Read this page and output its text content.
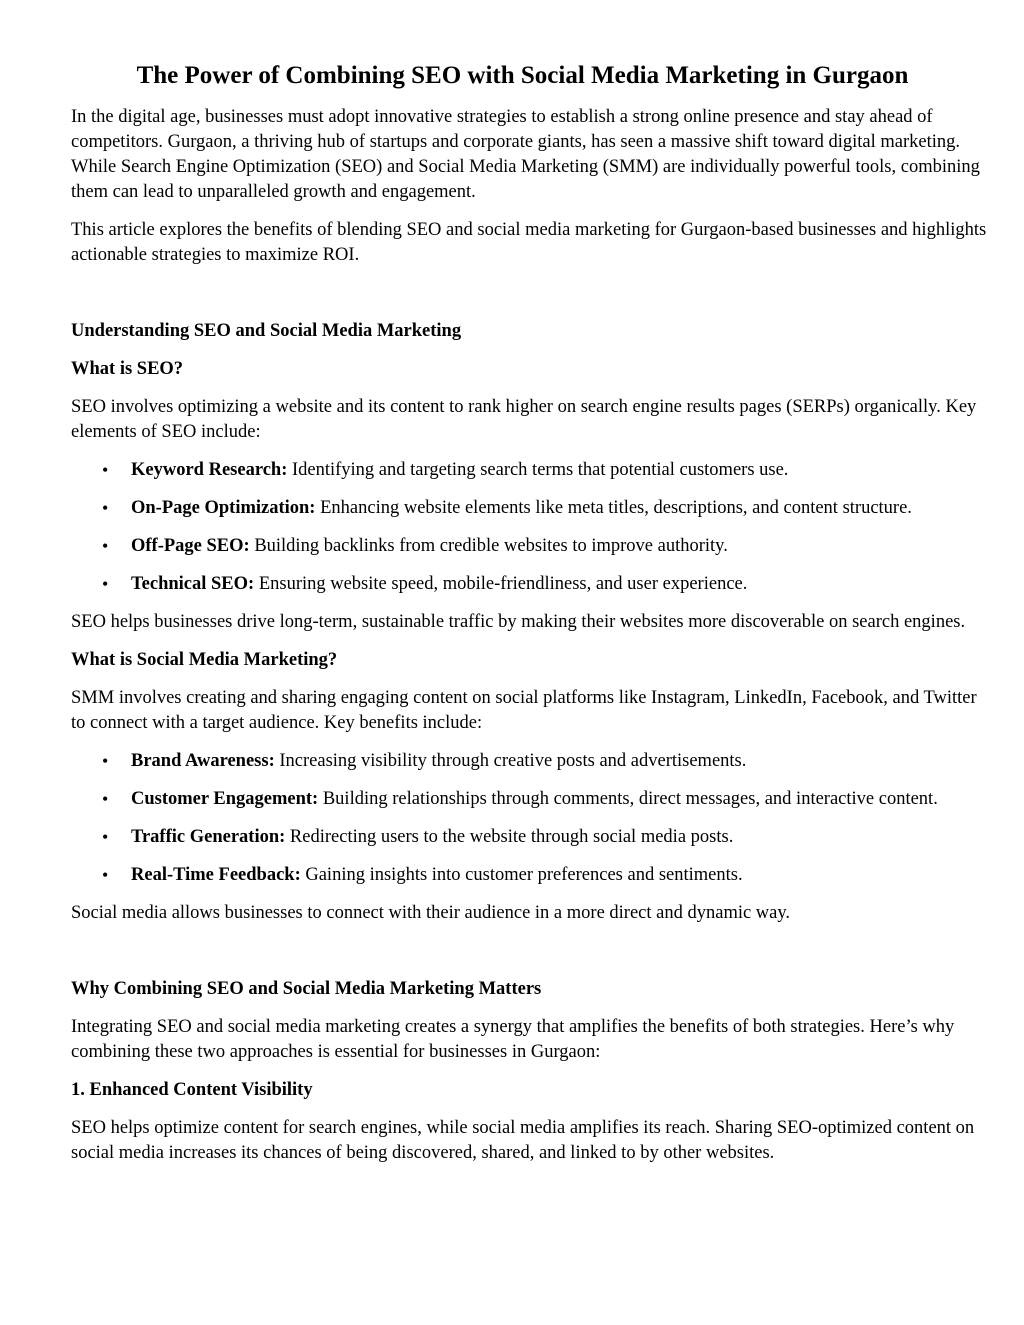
The Power of Combining SEO with Social Media Marketing in Gurgaon

In the digital age, businesses must adopt innovative strategies to establish a strong online presence and stay ahead of competitors. Gurgaon, a thriving hub of startups and corporate giants, has seen a massive shift toward digital marketing. While Search Engine Optimization (SEO) and Social Media Marketing (SMM) are individually powerful tools, combining them can lead to unparalleled growth and engagement.

This article explores the benefits of blending SEO and social media marketing for Gurgaon-based businesses and highlights actionable strategies to maximize ROI.

Understanding SEO and Social Media Marketing
What is SEO?

SEO involves optimizing a website and its content to rank higher on search engine results pages (SERPs) organically. Key elements of SEO include:

• Keyword Research: Identifying and targeting search terms that potential customers use.
• On-Page Optimization: Enhancing website elements like meta titles, descriptions, and content structure.
• Off-Page SEO: Building backlinks from credible websites to improve authority.
• Technical SEO: Ensuring website speed, mobile-friendliness, and user experience.

SEO helps businesses drive long-term, sustainable traffic by making their websites more discoverable on search engines.

What is Social Media Marketing?

SMM involves creating and sharing engaging content on social platforms like Instagram, LinkedIn, Facebook, and Twitter to connect with a target audience. Key benefits include:

• Brand Awareness: Increasing visibility through creative posts and advertisements.
• Customer Engagement: Building relationships through comments, direct messages, and interactive content.
• Traffic Generation: Redirecting users to the website through social media posts.
• Real-Time Feedback: Gaining insights into customer preferences and sentiments.

Social media allows businesses to connect with their audience in a more direct and dynamic way.

Why Combining SEO and Social Media Marketing Matters

Integrating SEO and social media marketing creates a synergy that amplifies the benefits of both strategies. Here’s why combining these two approaches is essential for businesses in Gurgaon:

1. Enhanced Content Visibility

SEO helps optimize content for search engines, while social media amplifies its reach. Sharing SEO-optimized content on social media increases its chances of being discovered, shared, and linked to by other websites.
